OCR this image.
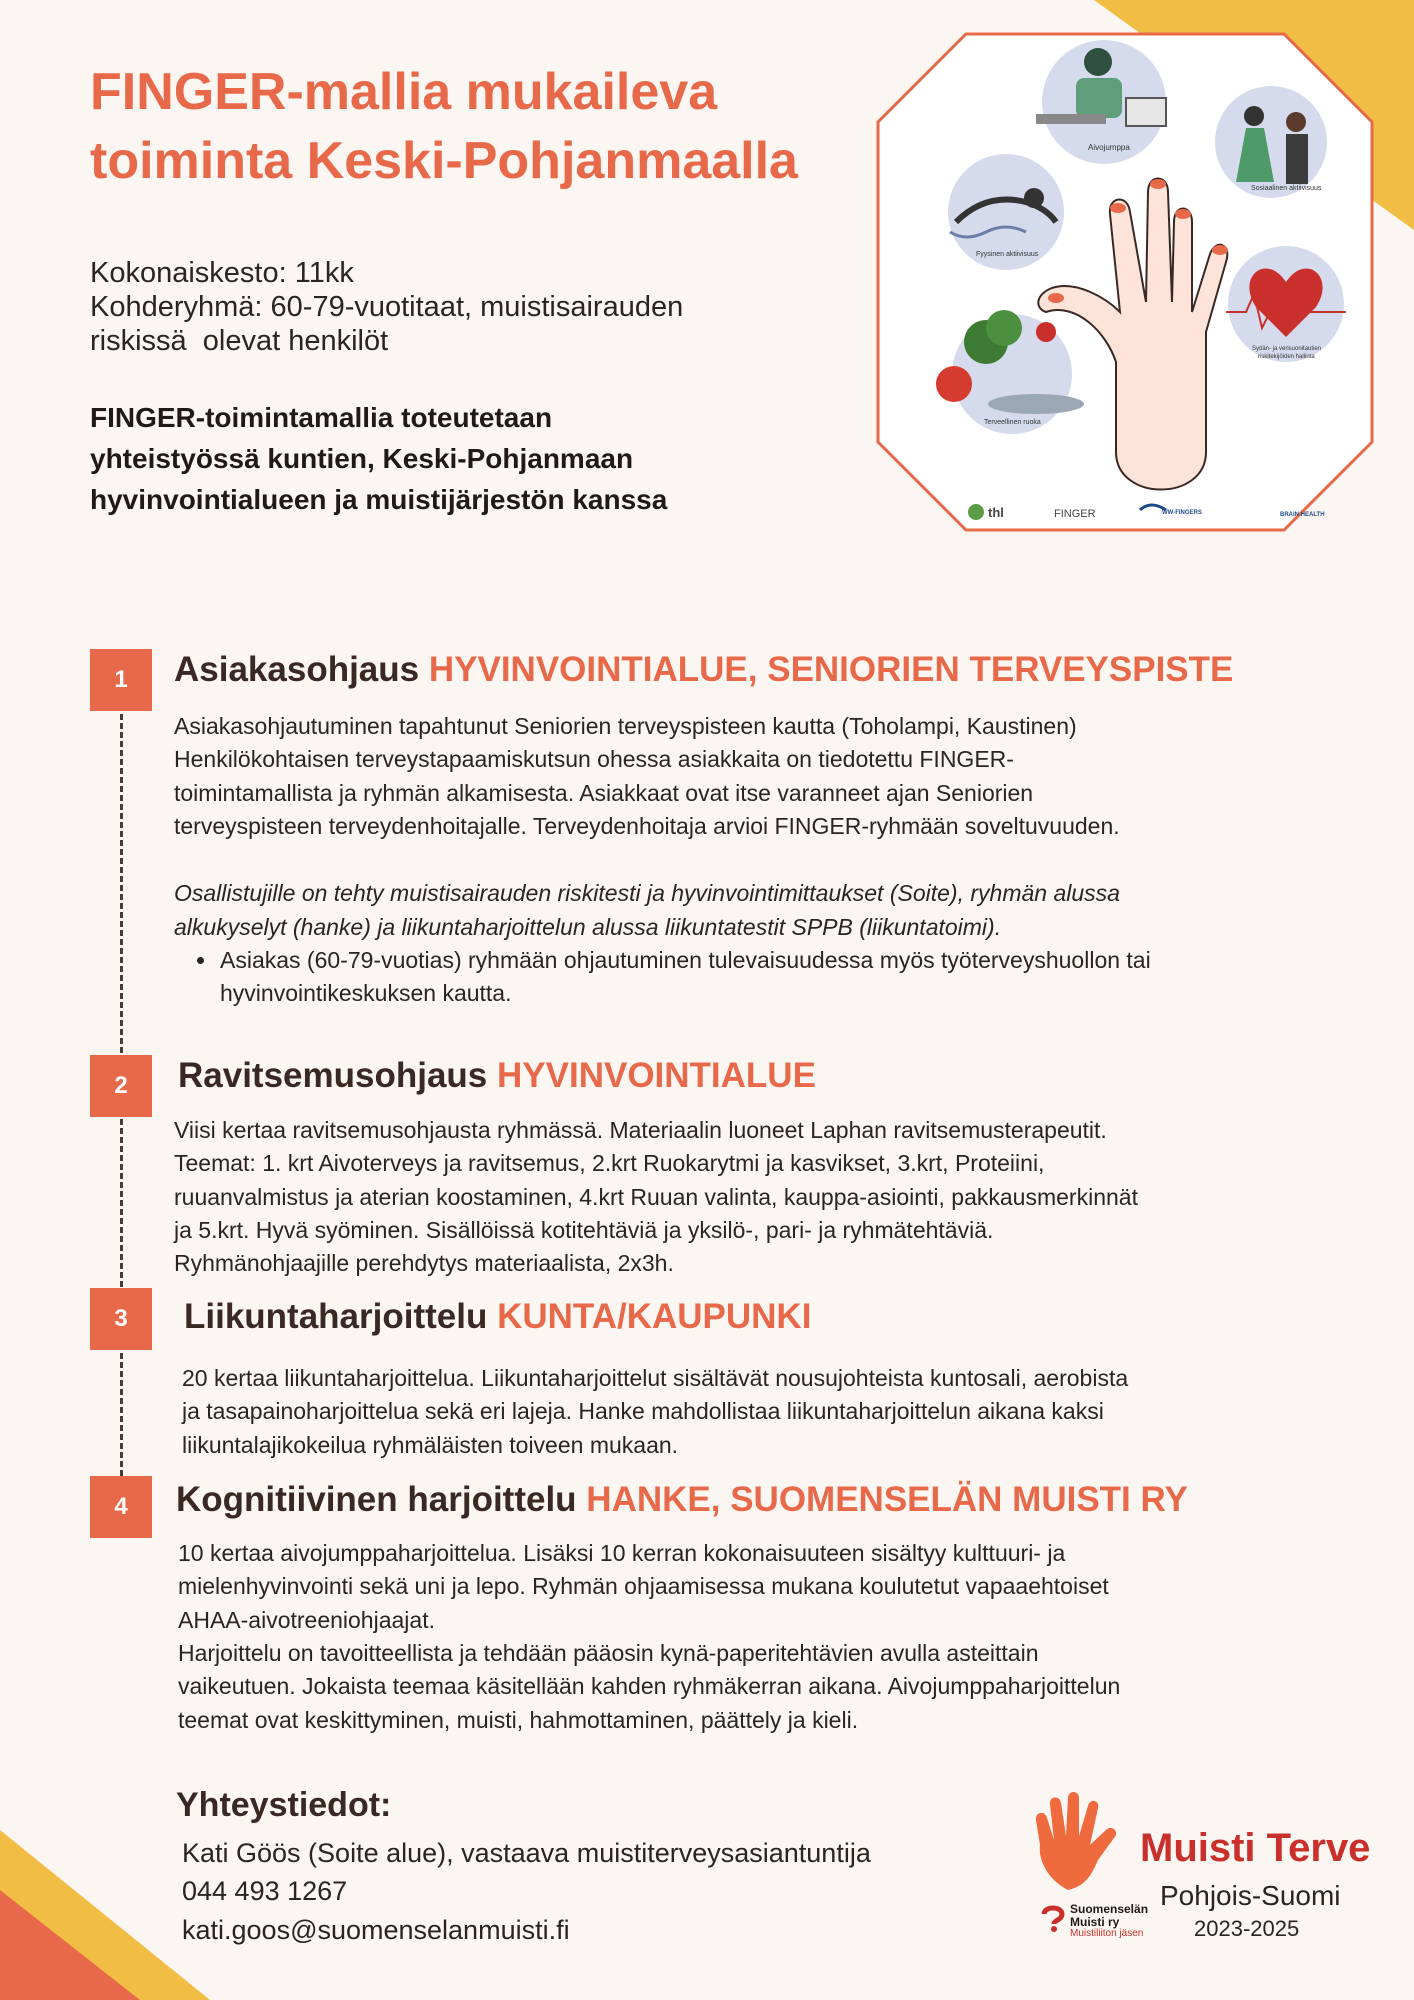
FINGER-mallia mukaileva
toiminta Keski-Pohjanmaalla
Kokonaiskesto: 11kk
Kohderyhmä: 60-79-vuotitaat, muistisairauden
riskissä  olevat henkilöt
FINGER-toimintamallia toteutetaan
yhteistyössä kuntien, Keski-Pohjanmaan
hyvinvointialueen ja muistijärjestön kanssa
Aivojumppa
Sosiaalinen aktiivisuus
Fyysinen aktiivisuus
Sydän- ja verisuonitautien
riskitekijöiden hallinta
Terveellinen ruoka
thl	FINGER	WW-FINGERS	BRAIN HEALTH
1	Asiakasohjaus HYVINVOINTIALUE, SENIORIEN TERVEYSPISTE

Asiakasohjautuminen tapahtunut Seniorien terveyspisteen kautta (Toholampi, Kaustinen)

Henkilökohtaisen terveystapaamiskutsun ohessa asiakkaita on tiedotettu FINGER-

toimintamallista ja ryhmän alkamisesta. Asiakkaat ovat itse varanneet ajan Seniorien

terveyspisteen terveydenhoitajalle. Terveydenhoitaja arvioi FINGER-ryhmään soveltuvuuden.

Osallistujille on tehty muistisairauden riskitesti ja hyvinvointimittaukset (Soite), ryhmän alussa

alkukyselyt (hanke) ja liikuntaharjoittelun alussa liikuntatestit SPPB (liikuntatoimi).

• Asiakas (60-79-vuotias) ryhmään ohjautuminen tulevaisuudessa myös työterveyshuollon tai
hyvinvointikeskuksen kautta.
2	Ravitsemusohjaus HYVINVOINTIALUE

Viisi kertaa ravitsemusohjausta ryhmässä. Materiaalin luoneet Laphan ravitsemusterapeutit.

Teemat: 1. krt Aivoterveys ja ravitsemus, 2.krt Ruokarytmi ja kasvikset, 3.krt, Proteiini,

ruuanvalmistus ja aterian koostaminen, 4.krt Ruuan valinta, kauppa-asiointi, pakkausmerkinnät

ja 5.krt. Hyvä syöminen. Sisällöissä kotitehtäviä ja yksilö-, pari- ja ryhmätehtäviä.

Ryhmänohjaajille perehdytys materiaalista, 2x3h.

3	Liikuntaharjoittelu KUNTA/KAUPUNKI

20 kertaa liikuntaharjoittelua. Liikuntaharjoittelut sisältävät nousujohteista kuntosali, aerobista

ja tasapainoharjoittelua sekä eri lajeja. Hanke mahdollistaa liikuntaharjoittelun aikana kaksi

liikuntalajikokeilua ryhmäläisten toiveen mukaan.

4	Kognitiivinen harjoittelu HANKE, SUOMENSELÄN MUISTI RY

10 kertaa aivojumppaharjoittelua. Lisäksi 10 kerran kokonaisuuteen sisältyy kulttuuri- ja

mielenhyvinvointi sekä uni ja lepo. Ryhmän ohjaamisessa mukana koulutetut vapaaehtoiset

AHAA-aivotreeniohjaajat.

Harjoittelu on tavoitteellista ja tehdään pääosin kynä-paperitehtävien avulla asteittain

vaikeutuen. Jokaista teemaa käsitellään kahden ryhmäkerran aikana. Aivojumppaharjoittelun

teemat ovat keskittyminen, muisti, hahmottaminen, päättely ja kieli.

Yhteystiedot:
Kati Göös (Soite alue), vastaava muistiterveysasiantuntija
044 493 1267
kati.goos@suomenselanmuisti.fi
Muisti Terve
Pohjois-Suomi
2023-2025
Suomenselän
Muisti ry
Muistiliiton jäsen
